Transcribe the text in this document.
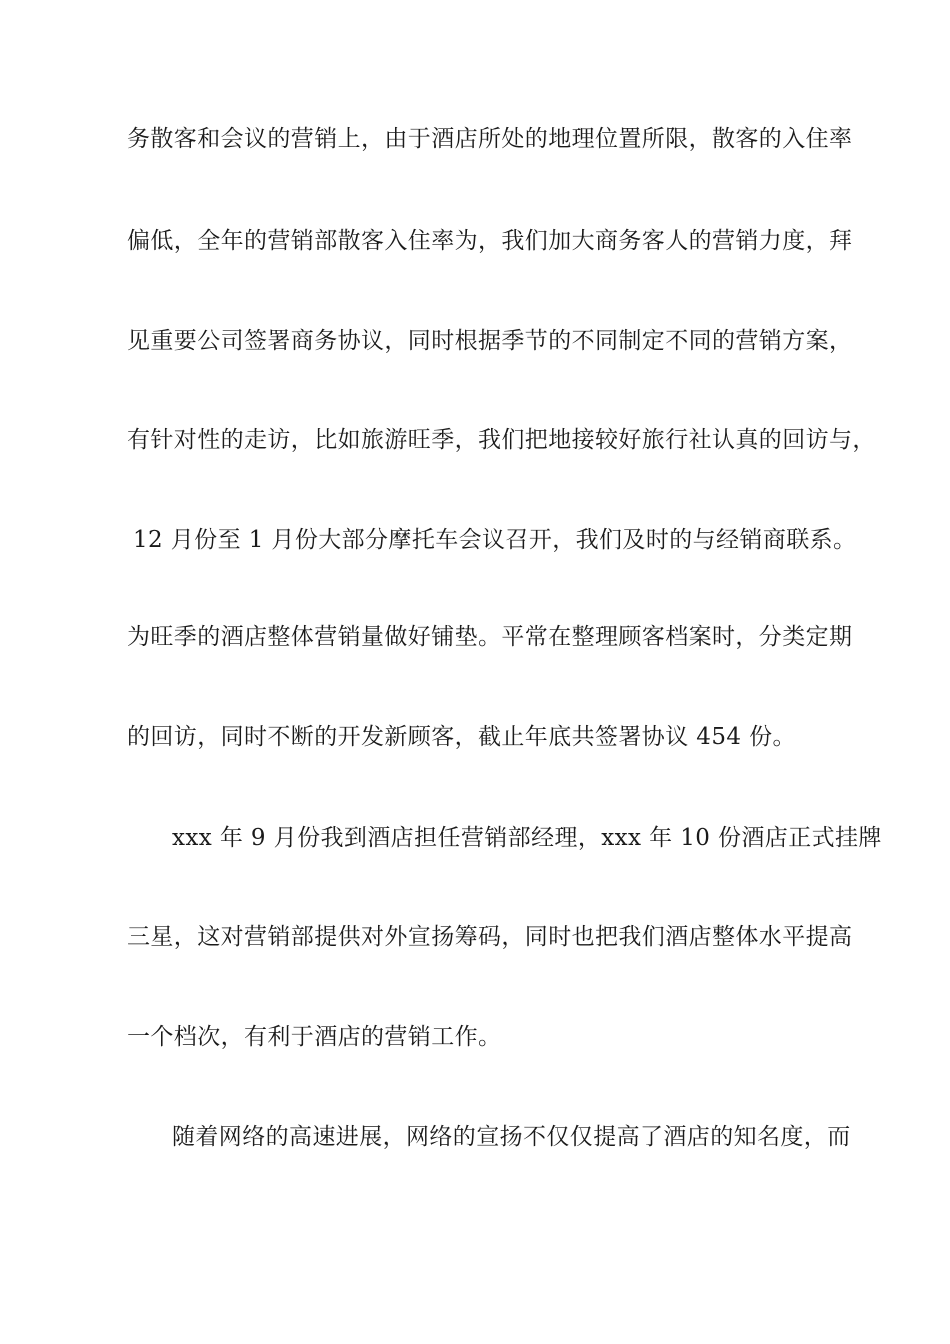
务散客和会议的营销上，由于酒店所处的地理位置所限，散客的入住率
偏低，全年的营销部散客入住率为，我们加大商务客人的营销力度，拜
见重要公司签署商务协议，同时根据季节的不同制定不同的营销方案，
有针对性的走访，比如旅游旺季，我们把地接较好旅行社认真的回访与，
12 月份至 1 月份大部分摩托车会议召开，我们及时的与经销商联系。
为旺季的酒店整体营销量做好铺垫。平常在整理顾客档案时，分类定期
的回访，同时不断的开发新顾客，截止年底共签署协议 454 份。
xxx 年 9 月份我到酒店担任营销部经理，xxx 年 10 份酒店正式挂牌
三星，这对营销部提供对外宣扬筹码，同时也把我们酒店整体水平提高
一个档次，有利于酒店的营销工作。
随着网络的高速进展，网络的宣扬不仅仅提高了酒店的知名度，而
